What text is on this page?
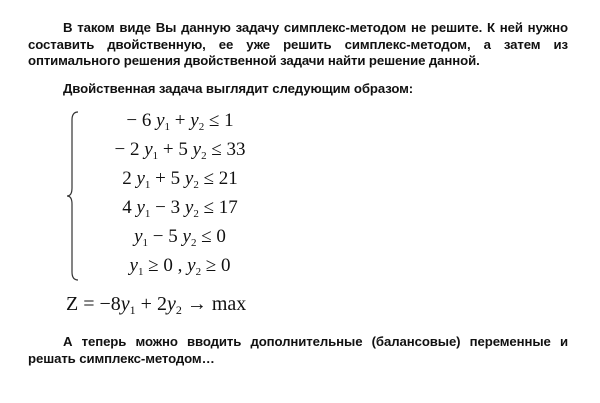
В таком виде Вы данную задачу симплекс-методом не решите. К ней нужно составить двойственную, ее уже решить симплекс-методом, а затем из оптимального решения двойственной задачи найти решение данной.
Двойственная задача выглядит следующим образом:
− 6 $y_1 + y_2 \le 1$
− 2 $y_1 + 5$ $y_2 \le 33$
2 $y_1 + 5$ $y_2 \le 21$
4 $y_1 - 3$ $y_2 \le 17$
$y_1 - 5$ $y_2 \le 0$
$y_1 \ge 0$ , $y_2 \ge 0$
$Z = -8y_1 + 2y_2 \to \max$
А теперь можно вводить дополнительные (балансовые) переменные и решать симплекс-методом…
